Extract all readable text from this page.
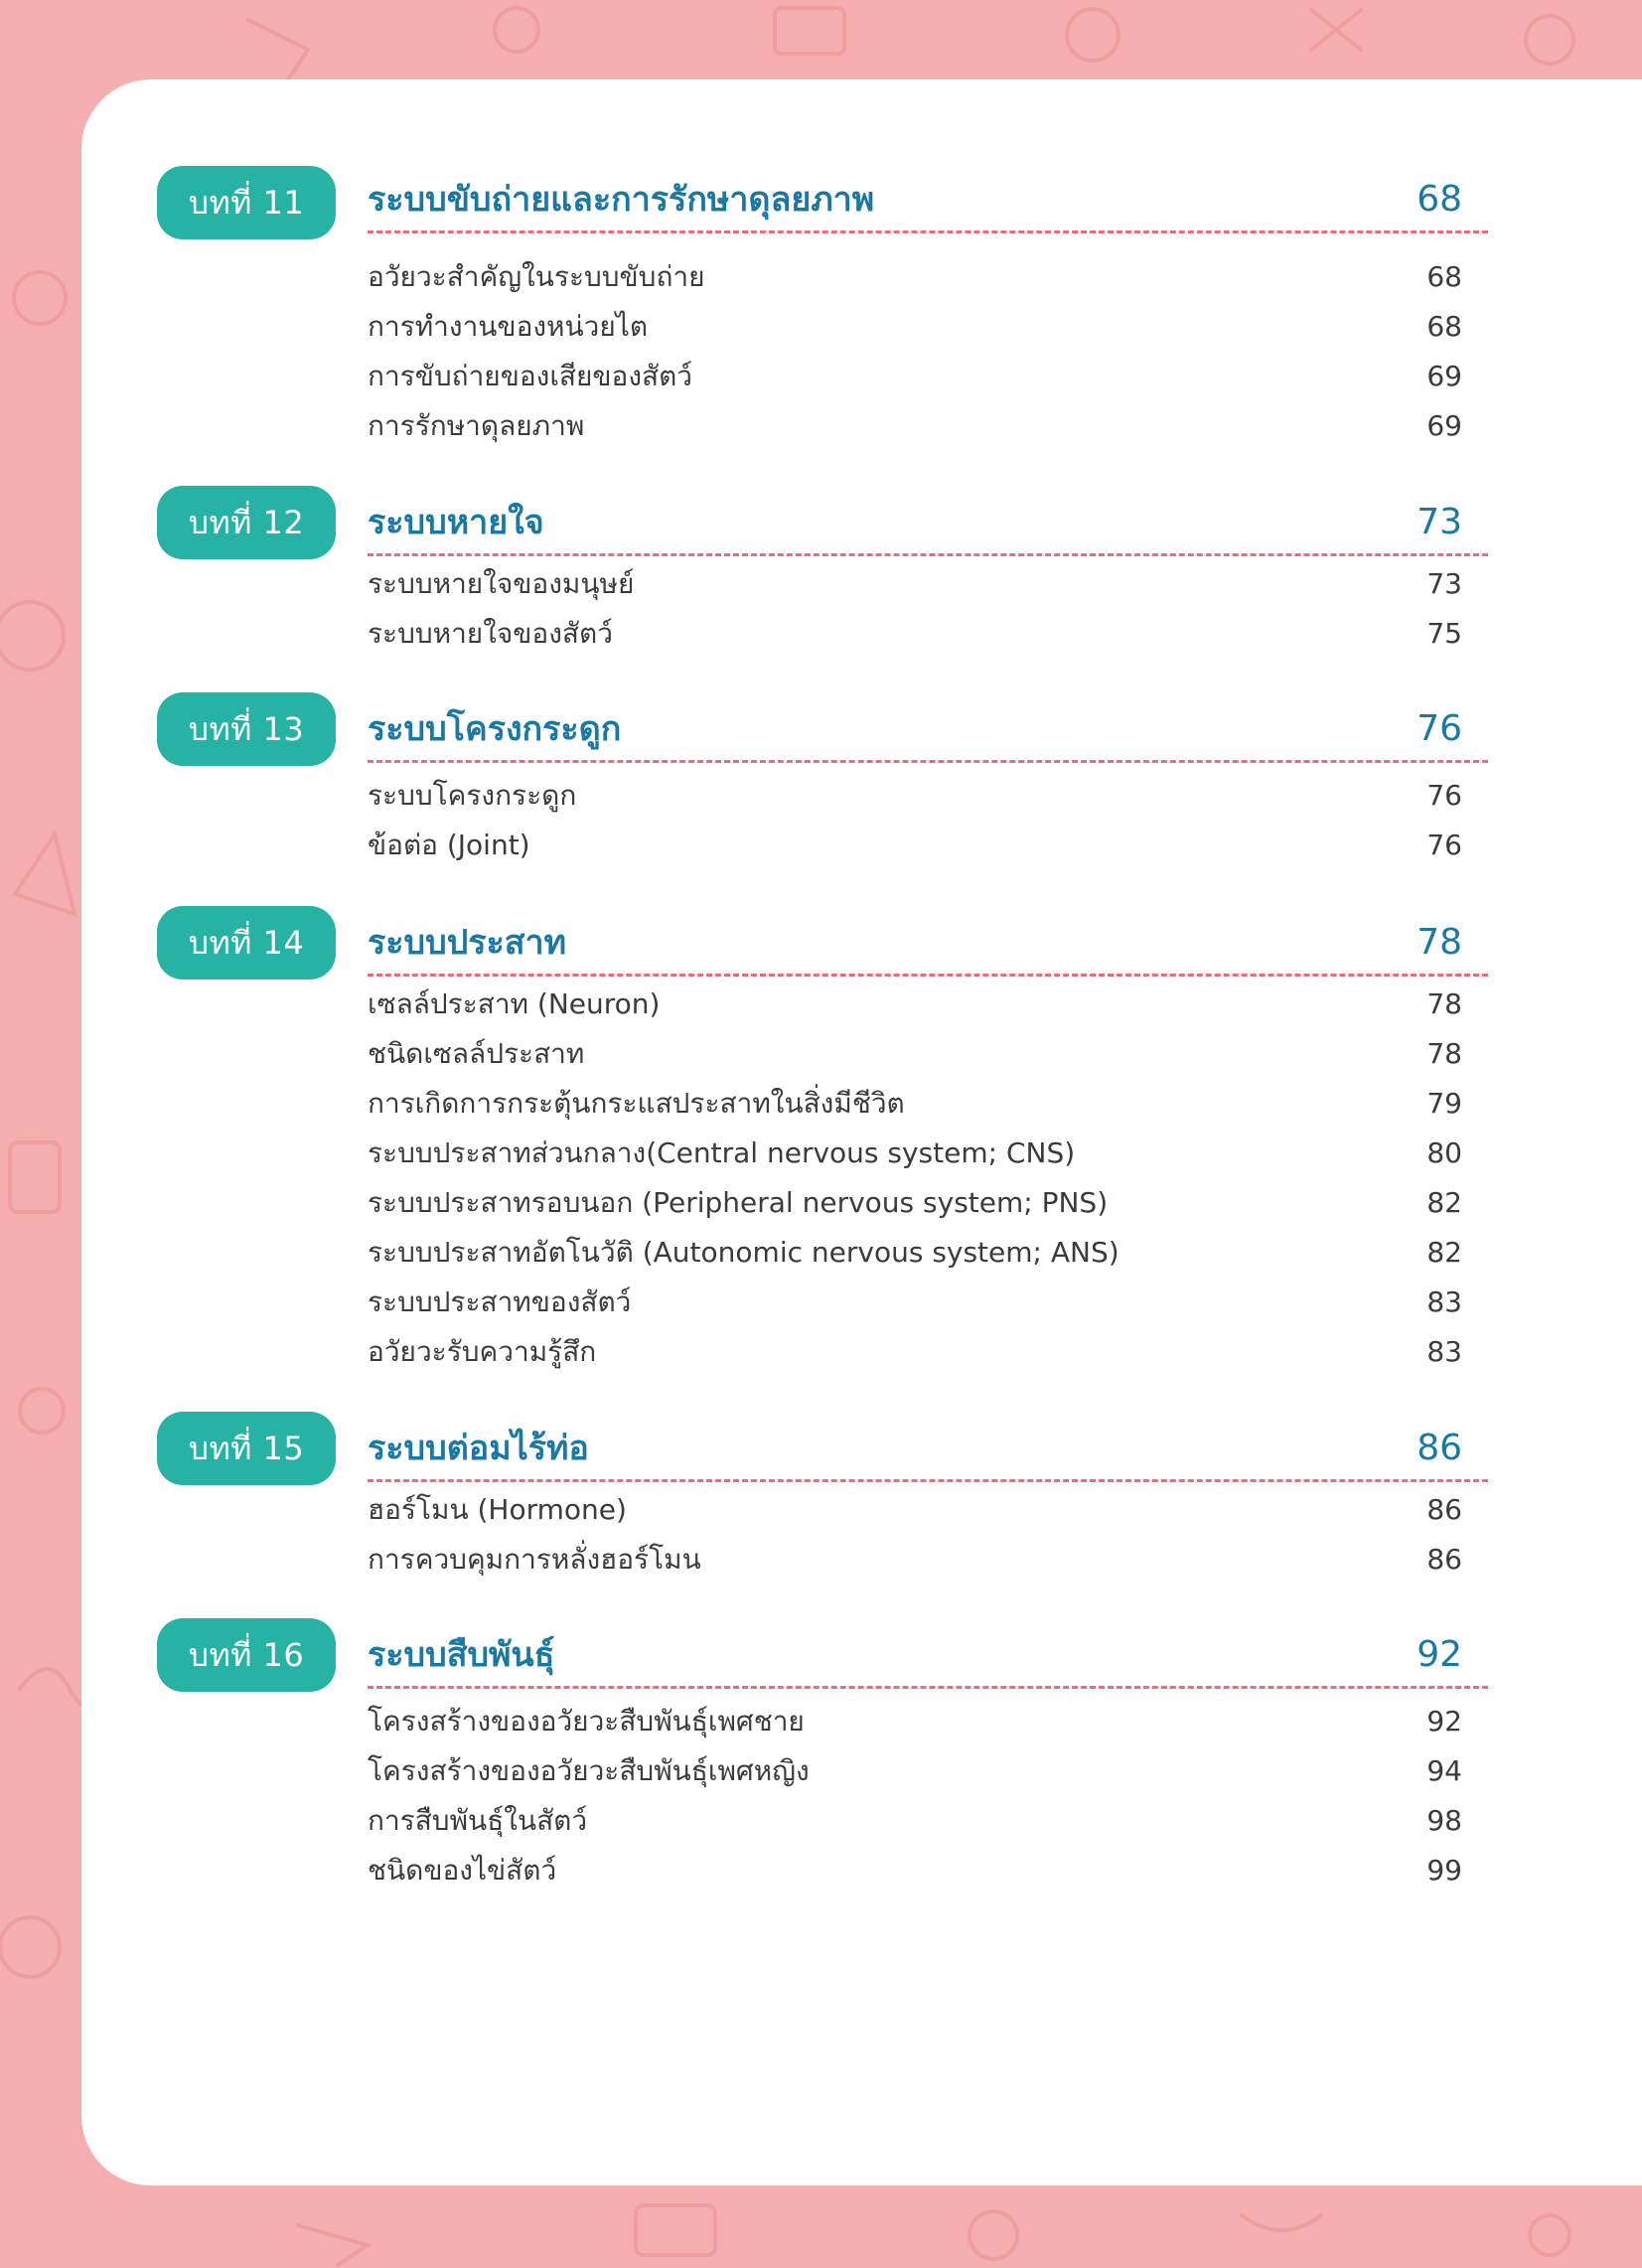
บทที่ 11	ระบบขับถ่ายและการรักษาดุลยภาพ	68
อวัยวะสำคัญในระบบขับถ่าย	68
การทำงานของหน่วยไต	68
การขับถ่ายของเสียของสัตว์	69
การรักษาดุลยภาพ	69
บทที่ 12	ระบบหายใจ	73
ระบบหายใจของมนุษย์	73
ระบบหายใจของสัตว์	75
บทที่ 13	ระบบโครงกระดูก	76
ระบบโครงกระดูก	76
ข้อต่อ (Joint)	76
บทที่ 14	ระบบประสาท	78
เซลล์ประสาท (Neuron)	78
ชนิดเซลล์ประสาท	78
การเกิดการกระตุ้นกระแสประสาทในสิ่งมีชีวิต	79
ระบบประสาทส่วนกลาง(Central nervous system; CNS)	80
ระบบประสาทรอบนอก (Peripheral nervous system; PNS)	82
ระบบประสาทอัตโนวัติ (Autonomic nervous system; ANS)	82
ระบบประสาทของสัตว์	83
อวัยวะรับความรู้สึก	83
บทที่ 15	ระบบต่อมไร้ท่อ	86
ฮอร์โมน (Hormone)	86
การควบคุมการหลั่งฮอร์โมน	86
บทที่ 16	ระบบสืบพันธุ์	92
โครงสร้างของอวัยวะสืบพันธุ์เพศชาย	92
โครงสร้างของอวัยวะสืบพันธุ์เพศหญิง	94
การสืบพันธุ์ในสัตว์	98
ชนิดของไข่สัตว์	99
